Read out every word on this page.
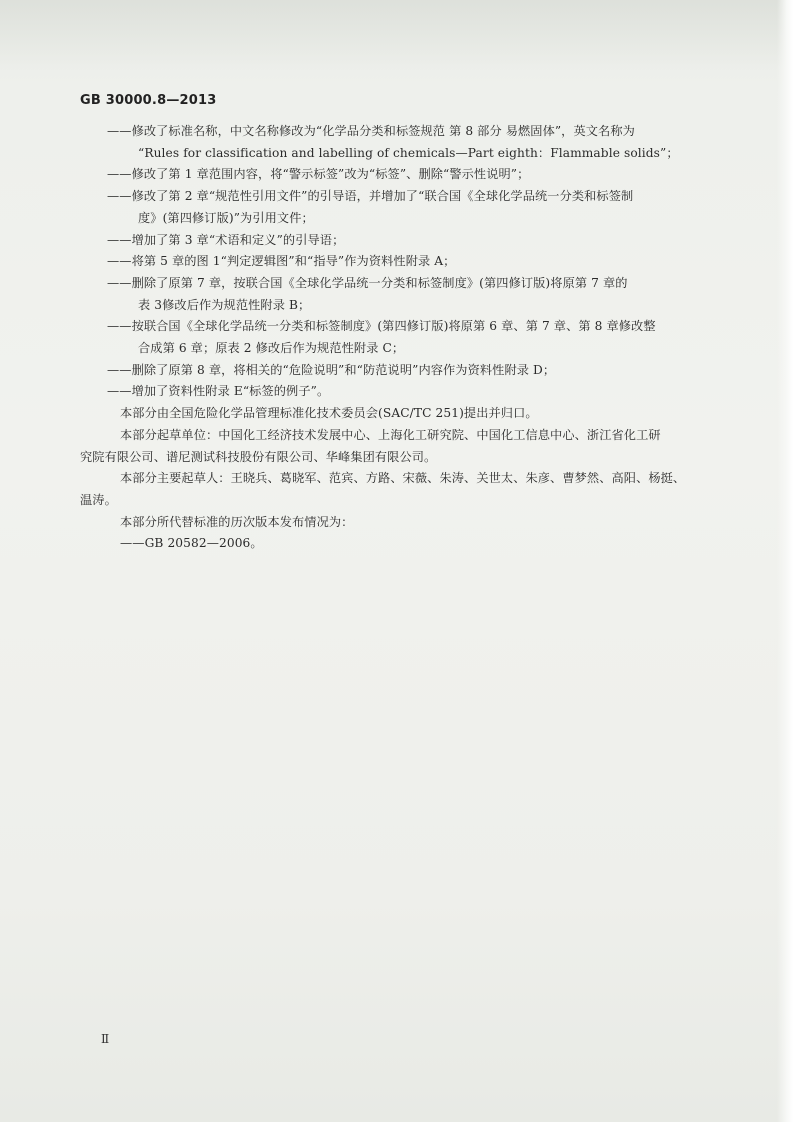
GB 30000.8—2013

——修改了标准名称，中文名称修改为“化学品分类和标签规范 第 8 部分 易燃固体”，英文名称为

“Rules for classification and labelling of chemicals—Part eighth：Flammable solids”；

——修改了第 1 章范围内容，将“警示标签”改为“标签”、删除“警示性说明”；

——修改了第 2 章“规范性引用文件”的引导语，并增加了“联合国《全球化学品统一分类和标签制

度》(第四修订版)”为引用文件；

——增加了第 3 章“术语和定义”的引导语；

——将第 5 章的图 1“判定逻辑图”和“指导”作为资料性附录 A；

——删除了原第 7 章，按联合国《全球化学品统一分类和标签制度》(第四修订版)将原第 7 章的

表 3修改后作为规范性附录 B；

——按联合国《全球化学品统一分类和标签制度》(第四修订版)将原第 6 章、第 7 章、第 8 章修改整

合成第 6 章；原表 2 修改后作为规范性附录 C；

——删除了原第 8 章，将相关的“危险说明”和“防范说明”内容作为资料性附录 D；

——增加了资料性附录 E“标签的例子”。

本部分由全国危险化学品管理标准化技术委员会(SAC/TC 251)提出并归口。

本部分起草单位：中国化工经济技术发展中心、上海化工研究院、中国化工信息中心、浙江省化工研

究院有限公司、谱尼测试科技股份有限公司、华峰集团有限公司。

本部分主要起草人：王晓兵、葛晓军、范宾、方路、宋薇、朱涛、关世太、朱彦、曹梦然、高阳、杨挺、

温涛。

本部分所代替标准的历次版本发布情况为：

——GB 20582—2006。

Ⅱ
